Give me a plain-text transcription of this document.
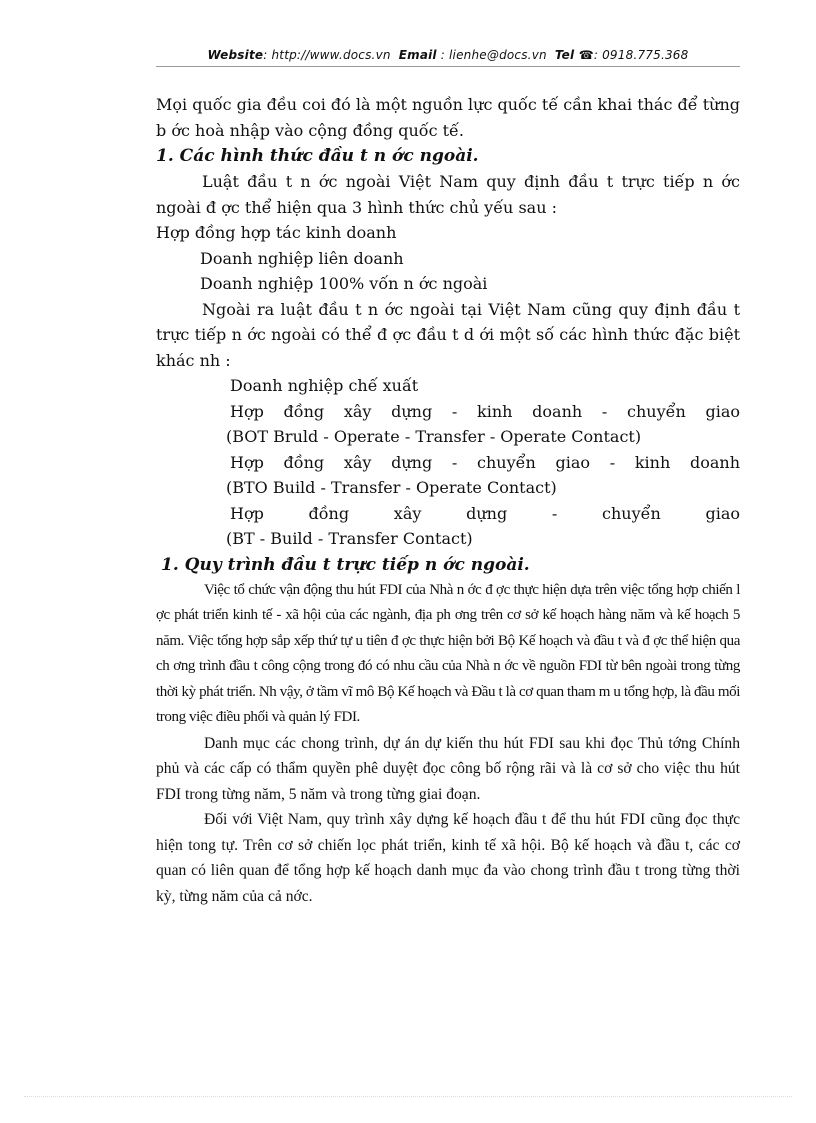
Website: http://www.docs.vn Email : lienhe@docs.vn Tel ☎: 0918.775.368

Mọi quốc gia đều coi đó là một nguồn lực quốc tế cần khai thác để từng b ớc hoà nhập vào cộng đồng quốc tế.

1. Các hình thức đầu t n ớc ngoài.

Luật đầu t n ớc ngoài Việt Nam quy định đầu t trực tiếp n ớc ngoài đ ợc thể hiện qua 3 hình thức chủ yếu sau :

Hợp đồng hợp tác kinh doanh

Doanh nghiệp liên doanh

Doanh nghiệp 100% vốn n ớc ngoài

Ngoài ra luật đầu t n ớc ngoài tại Việt Nam cũng quy định đầu t trực tiếp n ớc ngoài có thể đ ợc đầu t d ới một số các hình thức đặc biệt khác nh :

Doanh nghiệp chế xuất

Hợp đồng xây dựng - kinh doanh - chuyển giao

(BOT Bruld - Operate - Transfer - Operate Contact)

Hợp đồng xây dựng - chuyển giao - kinh doanh

(BTO Build - Transfer - Operate Contact)

Hợp đồng xây dựng - chuyển giao

(BT - Build - Transfer Contact)

1. Quy trình đầu t trực tiếp n ớc ngoài.

Việc tổ chức vận động thu hút FDI của Nhà n ớc đ ợc thực hiện dựa trên việc tổng hợp chiến l ợc phát triển kinh tế - xã hội của các ngành, địa ph ơng trên cơ sở kế hoạch hàng năm và kế hoạch 5 năm. Việc tổng hợp sắp xếp thứ tự u tiên đ ợc thực hiện bởi Bộ Kế hoạch và đầu t và đ ợc thể hiện qua ch ơng trình đầu t công cộng trong đó có nhu cầu của Nhà n ớc về nguồn FDI từ bên ngoài trong từng thời kỳ phát triển. Nh vậy, ở tầm vĩ mô Bộ Kế hoạch và Đầu t là cơ quan tham m u tổng hợp, là đầu mối trong việc điều phối và quản lý FDI.

Danh mục các chong trình, dự án dự kiến thu hút FDI sau khi đọc Thủ tớng Chính phủ và các cấp có thẩm quyền phê duyệt đọc công bố rộng rãi và là cơ sở cho việc thu hút FDI trong từng năm, 5 năm và trong từng giai đoạn.

Đối với Việt Nam, quy trình xây dựng kế hoạch đầu t để thu hút FDI cũng đọc thực hiện tong tự. Trên cơ sở chiến lọc phát triển, kinh tế xã hội. Bộ kế hoạch và đầu t, các cơ quan có liên quan để tổng hợp kế hoạch danh mục đa vào chong trình đầu t trong từng thời kỳ, từng năm của cả nớc.
